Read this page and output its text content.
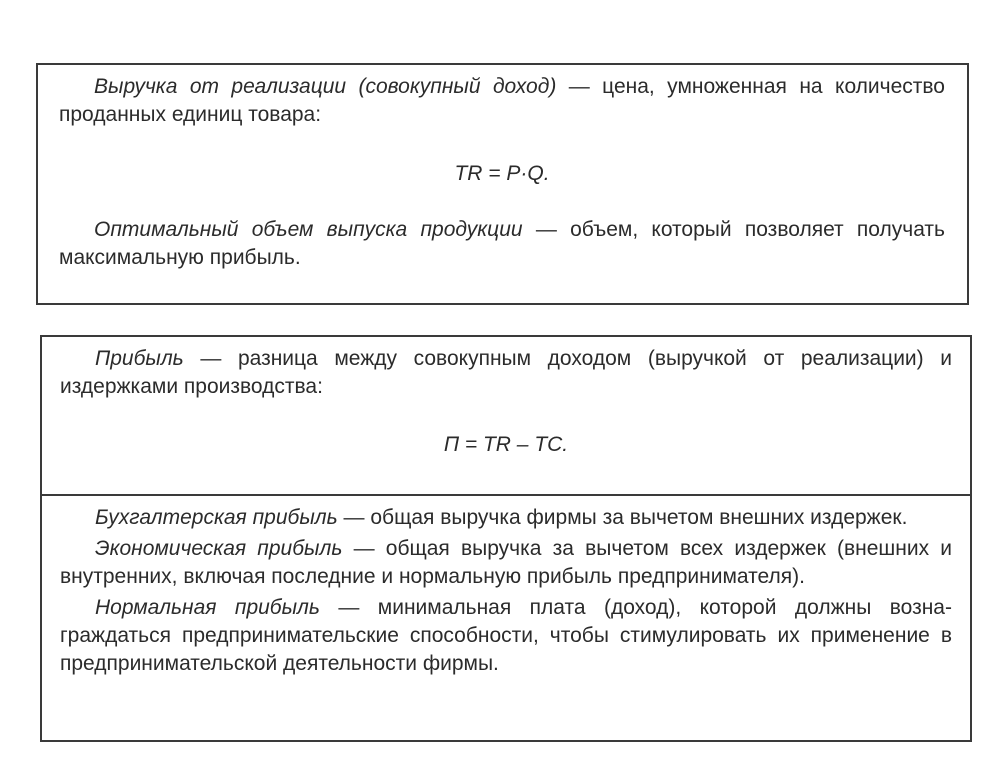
Выручка от реализации (совокупный доход) — цена, умноженная на количество проданных единиц товара:

TR = P·Q.

Оптимальный объем выпуска продукции — объем, который позволяет получать максимальную прибыль.

Прибыль — разница между совокупным доходом (выручкой от реализации) и издержками производства:

П = TR – TC.

Бухгалтерская прибыль — общая выручка фирмы за вычетом внешних издержек.

Экономическая прибыль — общая выручка за вычетом всех издержек (внешних и внутренних, включая последние и нормальную прибыль предпринимателя).

Нормальная прибыль — минимальная плата (доход), которой должны вознаграждаться предпринимательские способности, чтобы стимулировать их применение в предпринимательской деятельности фирмы.
